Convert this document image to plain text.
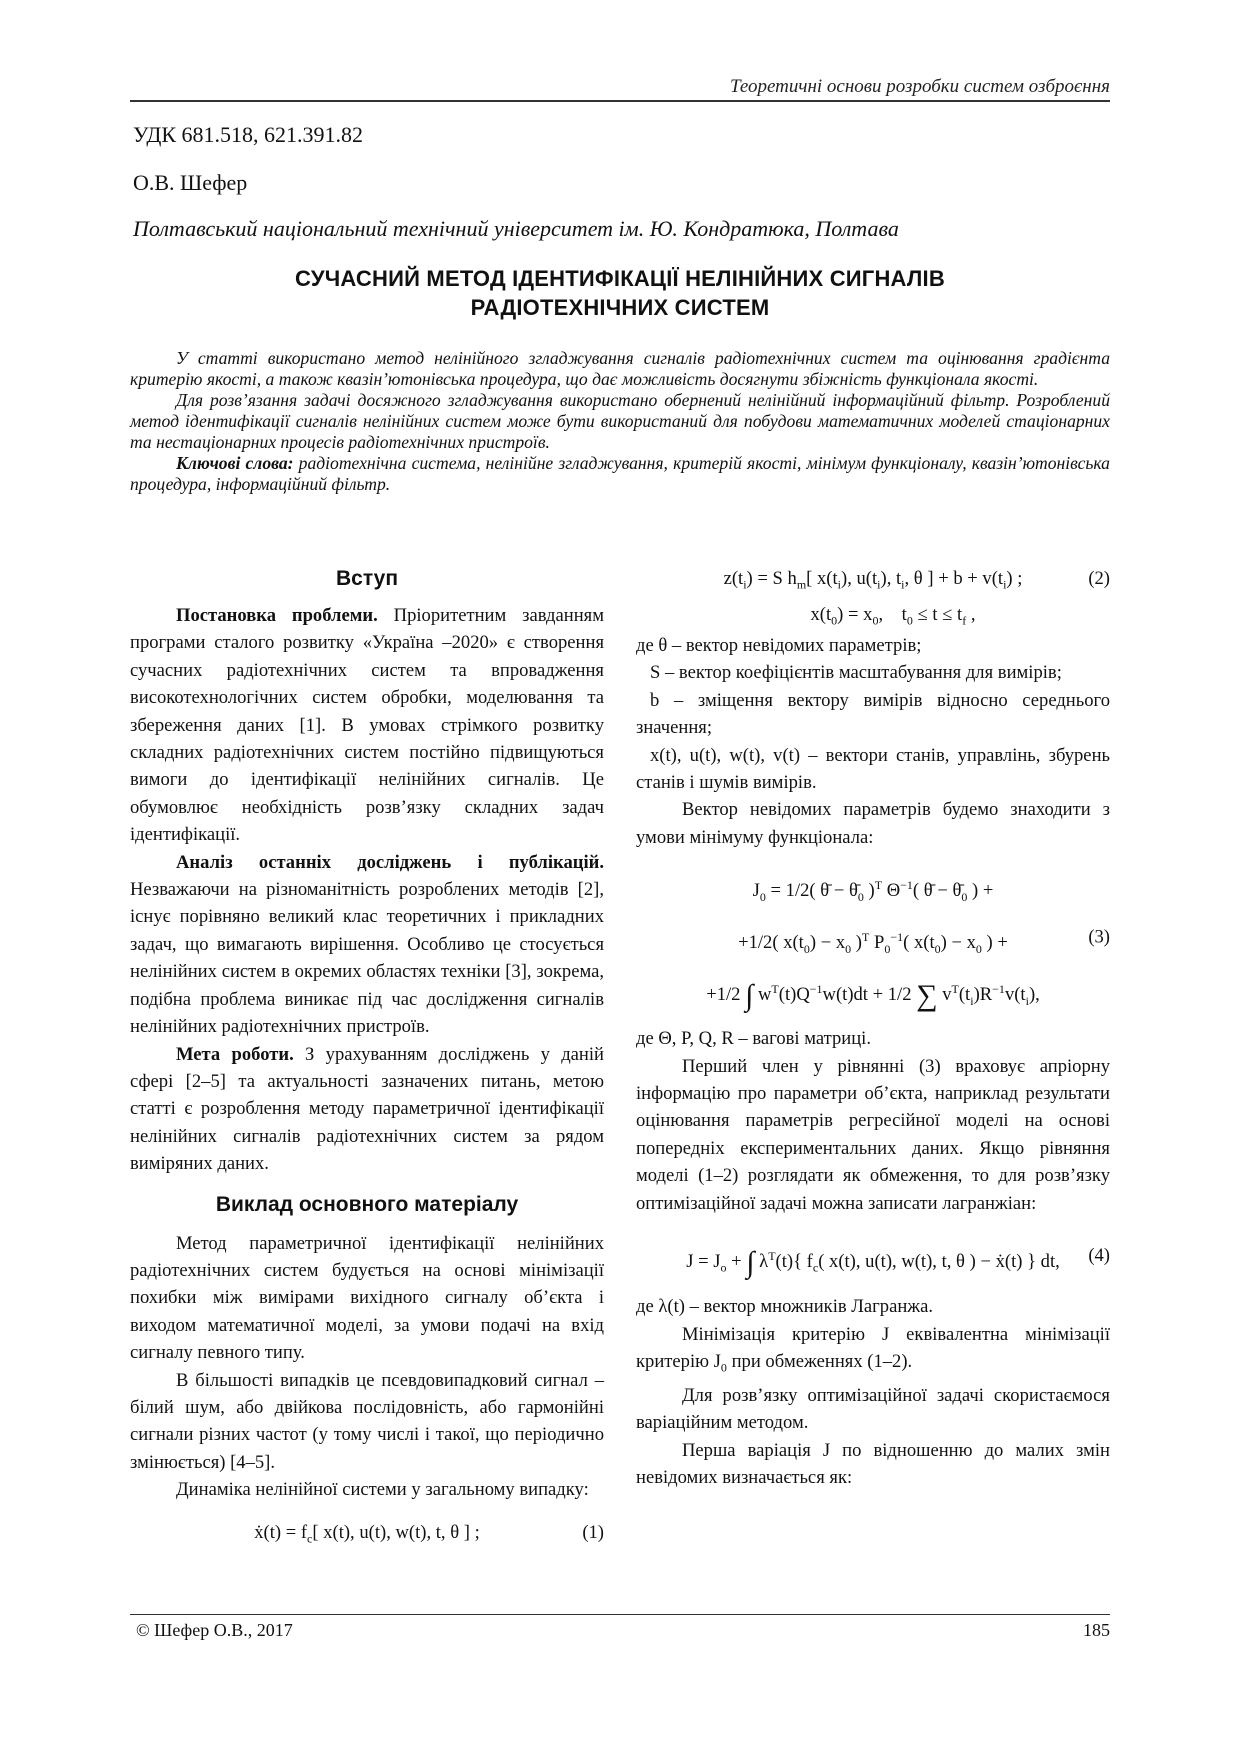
Теоретичні основи розробки систем озброєння
УДК 681.518, 621.391.82
О.В. Шефер
Полтавський національний технічний університет ім. Ю. Кондратюка, Полтава
СУЧАСНИЙ МЕТОД ІДЕНТИФІКАЦІЇ НЕЛІНІЙНИХ СИГНАЛІВ
РАДІОТЕХНІЧНИХ СИСТЕМ

У статті використано метод нелінійного згладжування сигналів радіотехнічних систем та оцінювання градієнта критерію якості, а також квазін’ютонівська процедура, що дає можливість досягнути збіжність функціонала якості.

Для розв’язання задачі досяжного згладжування використано обернений нелінійний інформаційний фільтр. Розроблений метод ідентифікації сигналів нелінійних систем може бути використаний для побудови математичних моделей стаціонарних та нестаціонарних процесів радіотехнічних пристроїв.

Ключові слова: радіотехнічна система, нелінійне згладжування, критерій якості, мінімум функціоналу, квазін’ютонівська процедура, інформаційний фільтр.

Вступ

Постановка проблеми. Пріоритетним завданням програми сталого розвитку «Україна –2020» є створення сучасних радіотехнічних систем та впровадження високотехнологічних систем обробки, моделювання та збереження даних [1]. В умовах стрімкого розвитку складних радіотехнічних систем постійно підвищуються вимоги до ідентифікації нелінійних сигналів. Це обумовлює необхідність розв’язку складних задач ідентифікації.

Аналіз останніх досліджень і публікацій. Незважаючи на різноманітність розроблених методів [2], існує порівняно великий клас теоретичних і прикладних задач, що вимагають вирішення. Особливо це стосується нелінійних систем в окремих областях техніки [3], зокрема, подібна проблема виникає під час дослідження сигналів нелінійних радіотехнічних пристроїв.

Мета роботи. З урахуванням досліджень у даній сфері [2–5] та актуальності зазначених питань, метою статті є розроблення методу параметричної ідентифікації нелінійних сигналів радіотехнічних систем за рядом виміряних даних.

Виклад основного матеріалу

Метод параметричної ідентифікації нелінійних радіотехнічних систем будується на основі мінімізації похибки між вимірами вихідного сигналу об’єкта і виходом математичної моделі, за умови подачі на вхід сигналу певного типу.

В більшості випадків це псевдовипадковий сигнал – білий шум, або двійкова послідовність, або гармонійні сигнали різних частот (у тому числі і такої, що періодично змінюється) [4–5].

Динаміка нелінійної системи у загальному випадку:

ẋ(t) = $f_c$[ x(t), u(t), w(t), t, θ ] ;	(1)
$z(t_i) = S$ $h_m$[ $x(t_i)$, $u(t_i)$, $t_i$, θ ] + $b + v(t_i)$ ;	(2)
$x(t_0) = x_0$,    $t_0 \le t \le t_f$ ,

де θ – вектор невідомих параметрів;

S – вектор коефіцієнтів масштабування для вимірів;

b – зміщення вектору вимірів відносно середнього значення;

x(t), u(t), w(t), v(t) – вектори станів, управлінь, збурень станів і шумів вимірів.

Вектор невідомих параметрів будемо знаходити з умови мінімуму функціонала:

$J_0 = 1/2$( θ̄ − $\thetā_0$ )$^T$ $\Theta^{-1}$( θ̄ − $\thetā_0$ ) +
+1/2( $x(t_0) - x_0$ )$^T$ $P_0^{-1}$( $x(t_0) - x_0$ ) +
+1/2 ∫ $w^T(t)Q^{-1}w(t)dt + 1/2$ ∑ $v^T(t_i)R^{-1}v(t_i)$,
(3)

де Θ, P, Q, R – вагові матриці.

Перший член у рівнянні (3) враховує апріорну інформацію про параметри об’єкта, наприклад результати оцінювання параметрів регресійної моделі на основі попередніх експериментальних даних. Якщо рівняння моделі (1–2) розглядати як обмеження, то для розв’язку оптимізаційної задачі можна записати лагранжіан:

$J = J_o$ + ∫ $\lambda^T(t)${ $f_c$( x(t), u(t), w(t), t, θ ) − ẋ(t) } dt, (4)

де λ(t) – вектор множників Лагранжа.

Мінімізація критерію J еквівалентна мінімізації критерію $J_0$ при обмеженнях (1–2).

Для розв’язку оптимізаційної задачі скористаємося варіаційним методом.

Перша варіація J по відношенню до малих змін невідомих визначається як:

© Шефер О.В., 2017	185
